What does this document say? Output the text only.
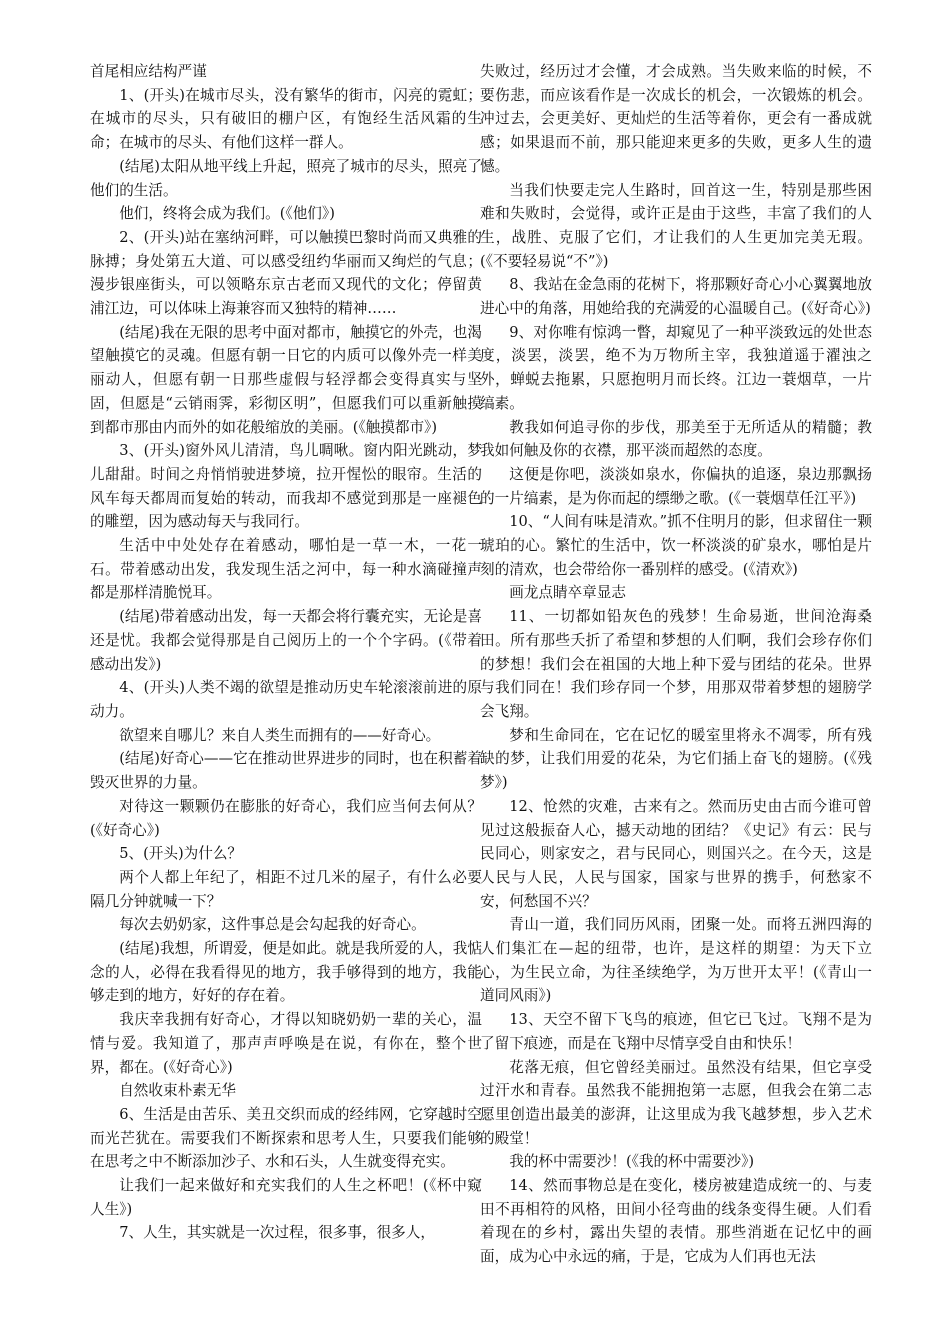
首尾相应结构严谨

1、(开头)在城市尽头，没有繁华的街市，闪亮的霓虹；在城市的尽头，只有破旧的棚户区，有饱经生活风霜的生命；在城市的尽头、有他们这样一群人。

(结尾)太阳从地平线上升起，照亮了城市的尽头，照亮了他们的生活。

他们，终将会成为我们。(《他们》)

2、(开头)站在塞纳河畔，可以触摸巴黎时尚而又典雅的脉搏；身处第五大道、可以感受纽约华丽而又绚烂的气息；漫步银座街头，可以领略东京古老而又现代的文化；停留黄浦江边，可以体味上海兼容而又独特的精神……

(结尾)我在无限的思考中面对都市，触摸它的外壳，也渴望触摸它的灵魂。但愿有朝一日它的内质可以像外壳一样美丽动人，但愿有朝一日那些虚假与轻浮都会变得真实与坚固，但愿是“云销雨霁，彩彻区明”，但愿我们可以重新触摸到都市那由内而外的如花般缩放的美丽。(《触摸都市》)

3、(开头)窗外风儿清清，鸟儿啁啾。窗内阳光跳动，梦儿甜甜。时间之舟悄悄驶进梦境，拉开惺忪的眼帘。生活的风车每天都周而复始的转动，而我却不感觉到那是一座褪色的雕塑，因为感动每天与我同行。

生活中中处处存在着感动，哪怕是一草一木，一花一石。带着感动出发，我发现生活之河中，每一种水滴碰撞声都是那样清脆悦耳。

(结尾)带着感动出发，每一天都会将行囊充实，无论是喜还是忧。我都会觉得那是自己阅历上的一个个字码。(《带着感动出发》)

4、(开头)人类不竭的欲望是推动历史车轮滚滚前进的原动力。

欲望来自哪儿？来自人类生而拥有的——好奇心。

(结尾)好奇心——它在推动世界进步的同时，也在积蓄着毁灭世界的力量。

对待这一颗颗仍在膨胀的好奇心，我们应当何去何从？(《好奇心》)

5、(开头)为什么？

两个人都上年纪了，相距不过几米的屋子，有什么必要隔几分钟就喊一下？

每次去奶奶家，这件事总是会勾起我的好奇心。

(结尾)我想，所谓爱，便是如此。就是我所爱的人，我惦念的人，必得在我看得见的地方，我手够得到的地方，我能够走到的地方，好好的存在着。

我庆幸我拥有好奇心，才得以知晓奶奶一辈的关心，温情与爱。我知道了，那声声呼唤是在说，有你在，整个世界，都在。(《好奇心》)

自然收束朴素无华

6、生活是由苦乐、美丑交织而成的经纬网，它穿越时空而光芒犹在。需要我们不断探索和思考人生，只要我们能够在思考之中不断添加沙子、水和石头，人生就变得充实。

让我们一起来做好和充实我们的人生之杯吧！(《杯中窥人生》)

7、人生，其实就是一次过程，很多事，很多人，

失败过，经历过才会懂，才会成熟。当失败来临的时候，不要伤悲，而应该看作是一次成长的机会，一次锻炼的机会。冲过去，会更美好、更灿烂的生活等着你，更会有一番成就感；如果退而不前，那只能迎来更多的失败，更多人生的遗憾。

当我们快要走完人生路时，回首这一生，特别是那些困难和失败时，会觉得，或许正是由于这些，丰富了我们的人生，战胜、克服了它们，才让我们的人生更加完美无瑕。(《不要轻易说“不”》)

8、我站在金急雨的花树下，将那颗好奇心小心翼翼地放进心中的角落，用她给我的充满爱的心温暖自己。(《好奇心》)

9、对你唯有惊鸿一瞥，却窥见了一种平淡致远的处世态度，淡罢，淡罢，绝不为万物所主宰，我独道遥于濯浊之外，蝉蜕去拖累，只愿抱明月而长终。江边一蓑烟草，一片缟素。

教我如何追寻你的步伐，那美至于无所适从的精髓；教我如何触及你的衣襟，那平淡而超然的态度。

这便是你吧，淡淡如泉水，你偏执的追逐，泉边那飘扬的一片缟素，是为你而起的缥缈之歌。(《一蓑烟草任江平》)

10、“人间有味是清欢。”抓不住明月的影，但求留住一颗琥珀的心。繁忙的生活中，饮一杯淡淡的矿泉水，哪怕是片刻的清欢，也会带给你一番别样的感受。(《清欢》)

画龙点睛卒章显志

11、一切都如铅灰色的残梦！生命易逝，世间沧海桑田。所有那些夭折了希望和梦想的人们啊，我们会珍存你们的梦想！我们会在祖国的大地上种下爱与团结的花朵。世界与我们同在！我们珍存同一个梦，用那双带着梦想的翅膀学会飞翔。

梦和生命同在，它在记忆的暖室里将永不凋零，所有残缺的梦，让我们用爱的花朵，为它们插上奋飞的翅膀。(《残梦》)

12、怆然的灾难，古来有之。然而历史由古而今谁可曾见过这般振奋人心，撼天动地的团结？《史记》有云：民与民同心，则家安之，君与民同心，则国兴之。在今天，这是人民与人民，人民与国家，国家与世界的携手，何愁家不安，何愁国不兴？

青山一道，我们同历风雨，团聚一处。而将五洲四海的人们集汇在—起的纽带，也许，是这样的期望：为天下立心，为生民立命，为往圣续绝学，为万世开太平！(《青山一道同风雨》)

13、天空不留下飞鸟的痕迹，但它已飞过。飞翔不是为了留下痕迹，而是在飞翔中尽情享受自由和快乐！

花落无痕，但它曾经美丽过。虽然没有结果，但它享受过汗水和青春。虽然我不能拥抱第一志愿，但我会在第二志愿里创造出最美的澎湃，让这里成为我飞越梦想，步入艺术的殿堂！

我的杯中需要沙！(《我的杯中需要沙》)

14、然而事物总是在变化，楼房被建造成统一的、与麦田不再相符的风格，田间小径弯曲的线条变得生硬。人们看着现在的乡村，露出失望的表情。那些消逝在记忆中的画面，成为心中永远的痛，于是，它成为人们再也无法
